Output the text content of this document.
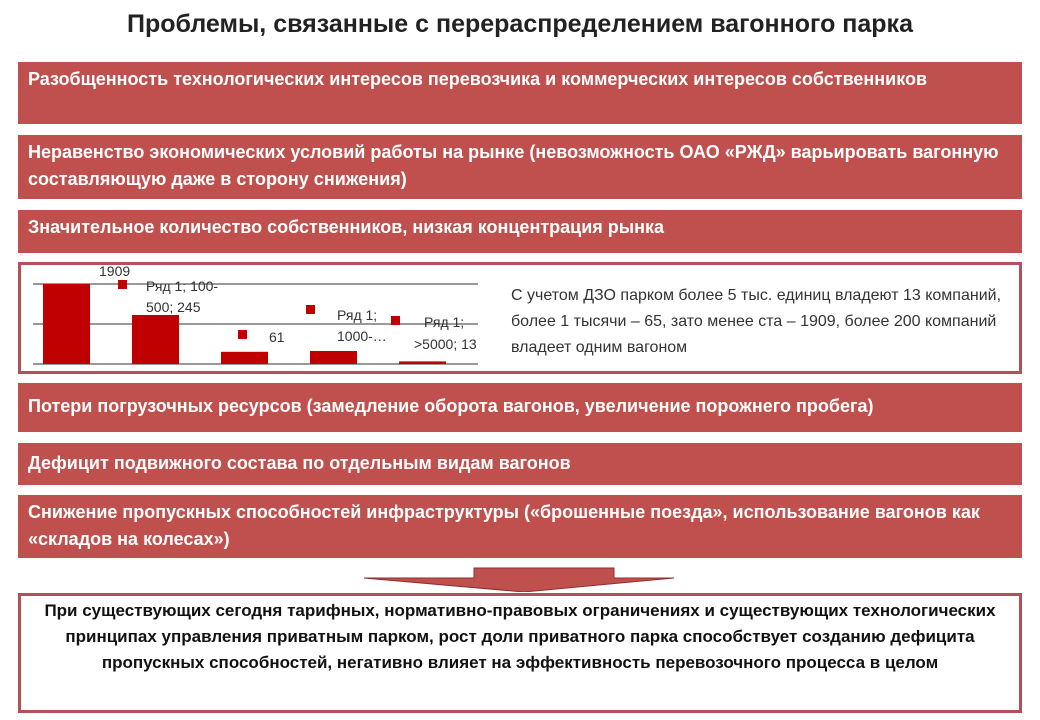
Проблемы, связанные с перераспределением вагонного парка
Разобщенность технологических интересов перевозчика и коммерческих интересов собственников
Неравенство экономических условий работы на рынке (невозможность ОАО «РЖД» варьировать вагонную составляющую даже в сторону снижения)
Значительное количество собственников, низкая концентрация рынка
1909
Ряд 1; 100-
500; 245
61
Ряд 1;
1000-…
Ряд 1;
>5000; 13
С учетом ДЗО парком более 5 тыс. единиц владеют 13 компаний, более 1 тысячи – 65, зато менее ста – 1909, более 200 компаний владеет одним вагоном
Потери погрузочных ресурсов (замедление оборота вагонов, увеличение порожнего пробега)
Дефицит подвижного состава по отдельным видам вагонов
Снижение пропускных способностей инфраструктуры («брошенные поезда», использование вагонов как «складов на колесах»)
При существующих сегодня тарифных, нормативно-правовых ограничениях и существующих технологических принципах управления приватным парком, рост доли приватного парка способствует созданию дефицита пропускных способностей, негативно влияет на эффективность перевозочного процесса в целом
